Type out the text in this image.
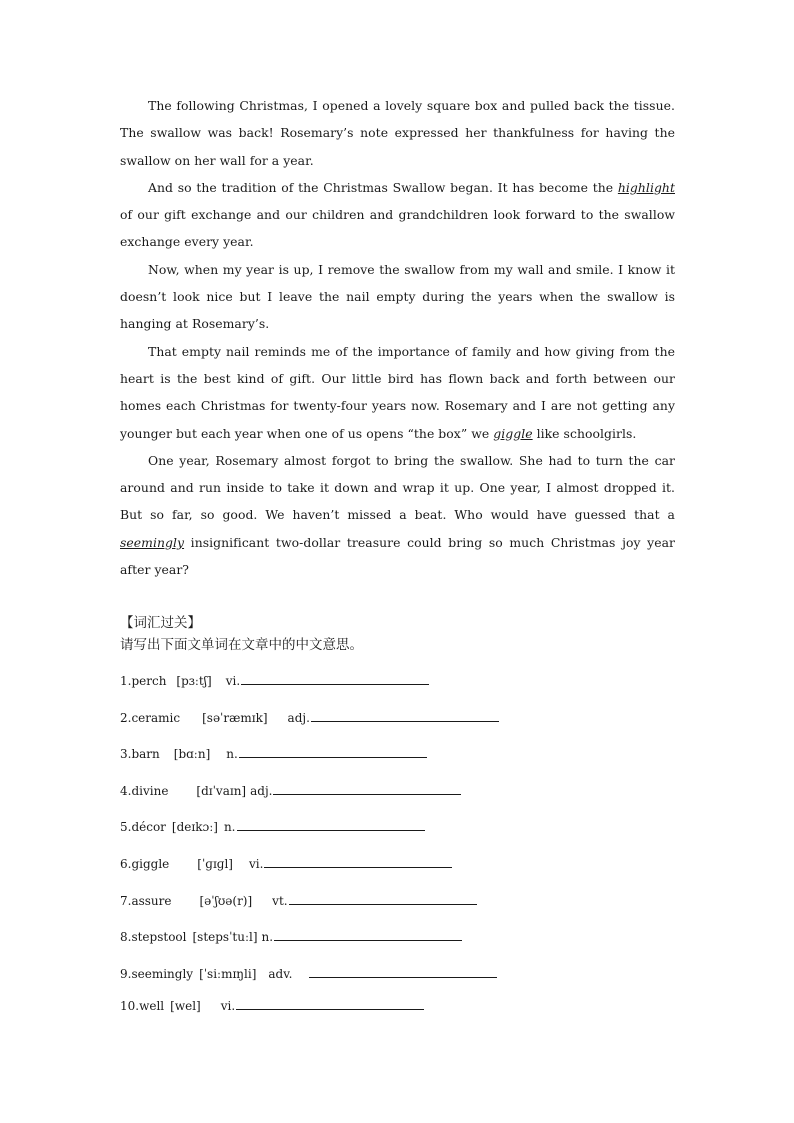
The following Christmas, I opened a lovely square box and pulled back the tissue. The swallow was back! Rosemary’s note expressed her thankfulness for having the swallow on her wall for a year.

And so the tradition of the Christmas Swallow began. It has become the highlight of our gift exchange and our children and grandchildren look forward to the swallow exchange every year.

Now, when my year is up, I remove the swallow from my wall and smile. I know it doesn’t look nice but I leave the nail empty during the years when the swallow is hanging at Rosemary’s.

That empty nail reminds me of the importance of family and how giving from the heart is the best kind of gift. Our little bird has flown back and forth between our homes each Christmas for twenty-four years now. Rosemary and I are not getting any younger but each year when one of us opens “the box” we giggle like schoolgirls.

One year, Rosemary almost forgot to bring the swallow. She had to turn the car around and run inside to take it down and wrap it up. One year, I almost dropped it. But so far, so good. We haven’t missed a beat. Who would have guessed that a seemingly insignificant two-dollar treasure could bring so much Christmas joy year after year?

【词汇过关】

请写出下面文单词在文章中的中文意思。

1. perch
[pɜːtʃ]
vi.
2. ceramic
[səˈræmɪk]
adj.
3. barn
[bɑːn]
n.
4. divine
[dɪˈvaɪn]
adj.
5. décor
[deɪkɔː]
n.
6. giggle
[ˈɡɪɡl]
vi.
7. assure
[əˈʃʊə(r)]
vt.
8. stepstool
[stepsˈtuːl]
n.
9. seemingly
[ˈsiːmɪŋli]
adv.

10. well
[wel]
vi.
